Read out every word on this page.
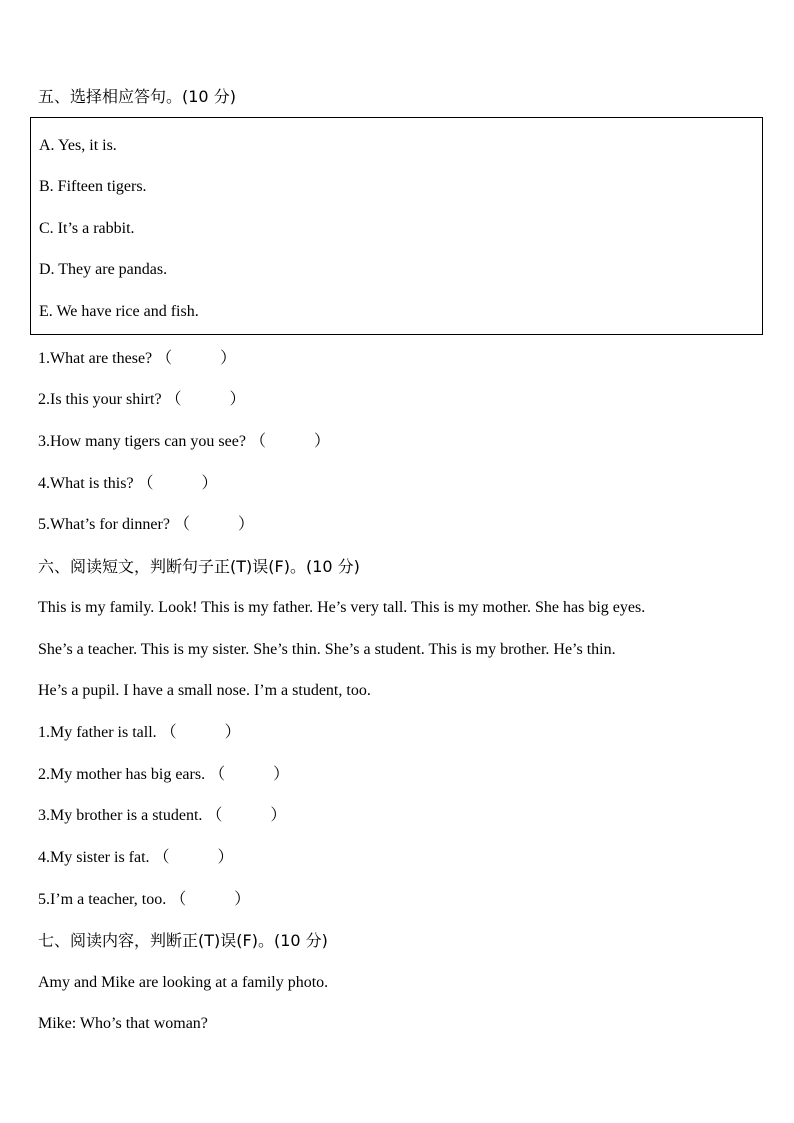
五、选择相应答句。(10 分)
A. Yes, it is.
B. Fifteen tigers.
C. It’s a rabbit.
D. They are pandas.
E. We have rice and fish.
1.What are these? （　　　）
2.Is this your shirt? （　　　）
3.How many tigers can you see? （　　　）
4.What is this? （　　　）
5.What’s for dinner? （　　　）
六、阅读短文，判断句子正(T)误(F)。(10 分)
This is my family. Look! This is my father. He’s very tall. This is my mother. She has big eyes.
She’s a teacher. This is my sister. She’s thin. She’s a student. This is my brother. He’s thin.
He’s a pupil. I have a small nose. I’m a student, too.
1.My father is tall. （　　　）
2.My mother has big ears. （　　　）
3.My brother is a student. （　　　）
4.My sister is fat. （　　　）
5.I’m a teacher, too. （　　　）
七、阅读内容，判断正(T)误(F)。(10 分)
Amy and Mike are looking at a family photo.
Mike: Who’s that woman?
